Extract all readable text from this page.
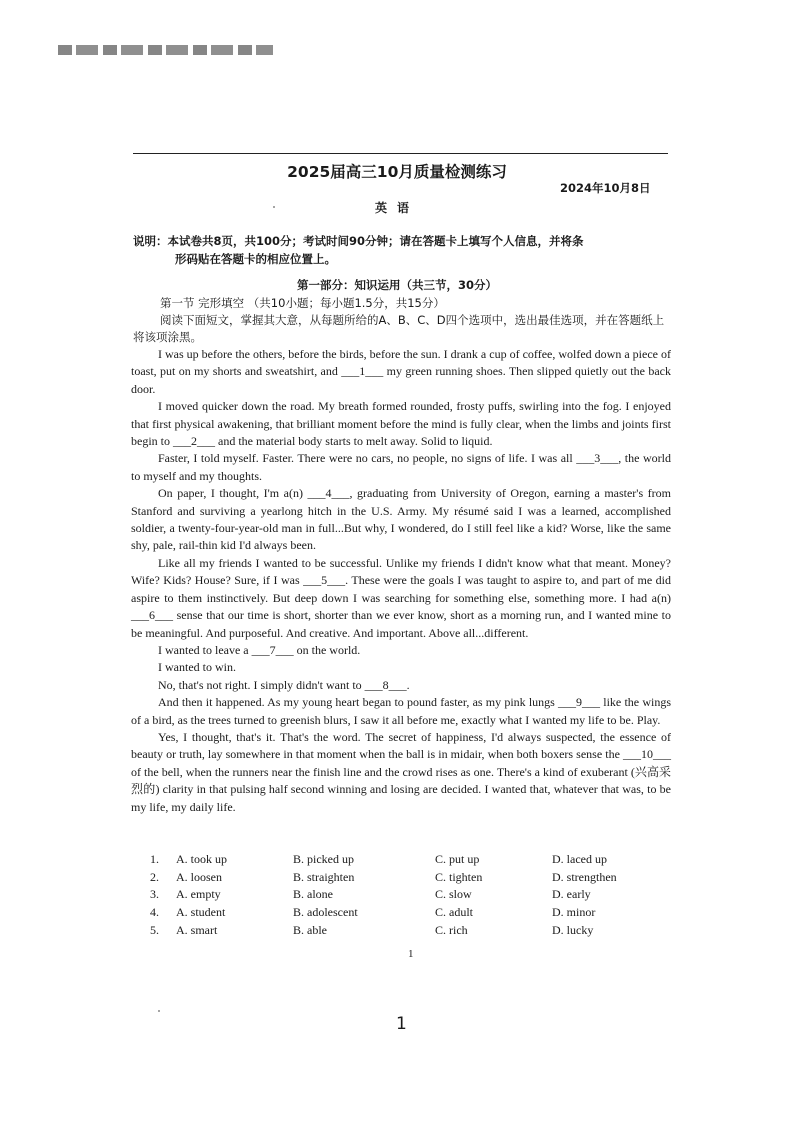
2025届高三10月质量检测练习
2024年10月8日
英语
说明：本试卷共8页，共100分；考试时间90分钟；请在答题卡上填写个人信息，并将条
形码贴在答题卡的相应位置上。
第一部分：知识运用（共三节，30分）
第一节 完形填空 （共10小题；每小题1.5分，共15分）
阅读下面短文，掌握其大意，从每题所给的A、B、C、D四个选项中，选出最佳选项，并在答题纸上将该项涂黑。

I was up before the others, before the birds, before the sun. I drank a cup of coffee, wolfed down a piece of toast, put on my shorts and sweatshirt, and ___1___ my green running shoes. Then slipped quietly out the back door.

I moved quicker down the road. My breath formed rounded, frosty puffs, swirling into the fog. I enjoyed that first physical awakening, that brilliant moment before the mind is fully clear, when the limbs and joints first begin to ___2___ and the material body starts to melt away. Solid to liquid.

Faster, I told myself. Faster. There were no cars, no people, no signs of life. I was all ___3___, the world to myself and my thoughts.

On paper, I thought, I'm a(n) ___4___, graduating from University of Oregon, earning a master's from Stanford and surviving a yearlong hitch in the U.S. Army. My résumé said I was a learned, accomplished soldier, a twenty-four-year-old man in full...But why, I wondered, do I still feel like a kid? Worse, like the same shy, pale, rail-thin kid I'd always been.

Like all my friends I wanted to be successful. Unlike my friends I didn't know what that meant. Money? Wife? Kids? House? Sure, if I was ___5___. These were the goals I was taught to aspire to, and part of me did aspire to them instinctively. But deep down I was searching for something else, something more. I had a(n) ___6___ sense that our time is short, shorter than we ever know, short as a morning run, and I wanted mine to be meaningful. And purposeful. And creative. And important. Above all...different.

I wanted to leave a ___7___ on the world.

I wanted to win.

No, that's not right. I simply didn't want to ___8___.

And then it happened. As my young heart began to pound faster, as my pink lungs ___9___ like the wings of a bird, as the trees turned to greenish blurs, I saw it all before me, exactly what I wanted my life to be. Play.

Yes, I thought, that's it. That's the word. The secret of happiness, I'd always suspected, the essence of beauty or truth, lay somewhere in that moment when the ball is in midair, when both boxers sense the ___10___ of the bell, when the runners near the finish line and the crowd rises as one. There's a kind of exuberant (兴高采烈的) clarity in that pulsing half second winning and losing are decided. I wanted that, whatever that was, to be my life, my daily life.

1.	A. took up	B. picked up	C. put up	D. laced up
2.	A. loosen	B. straighten	C. tighten	D. strengthen
3.	A. empty	B. alone	C. slow	D. early
4.	A. student	B. adolescent	C. adult	D. minor
5.	A. smart	B. able	C. rich	D. lucky
1
1
